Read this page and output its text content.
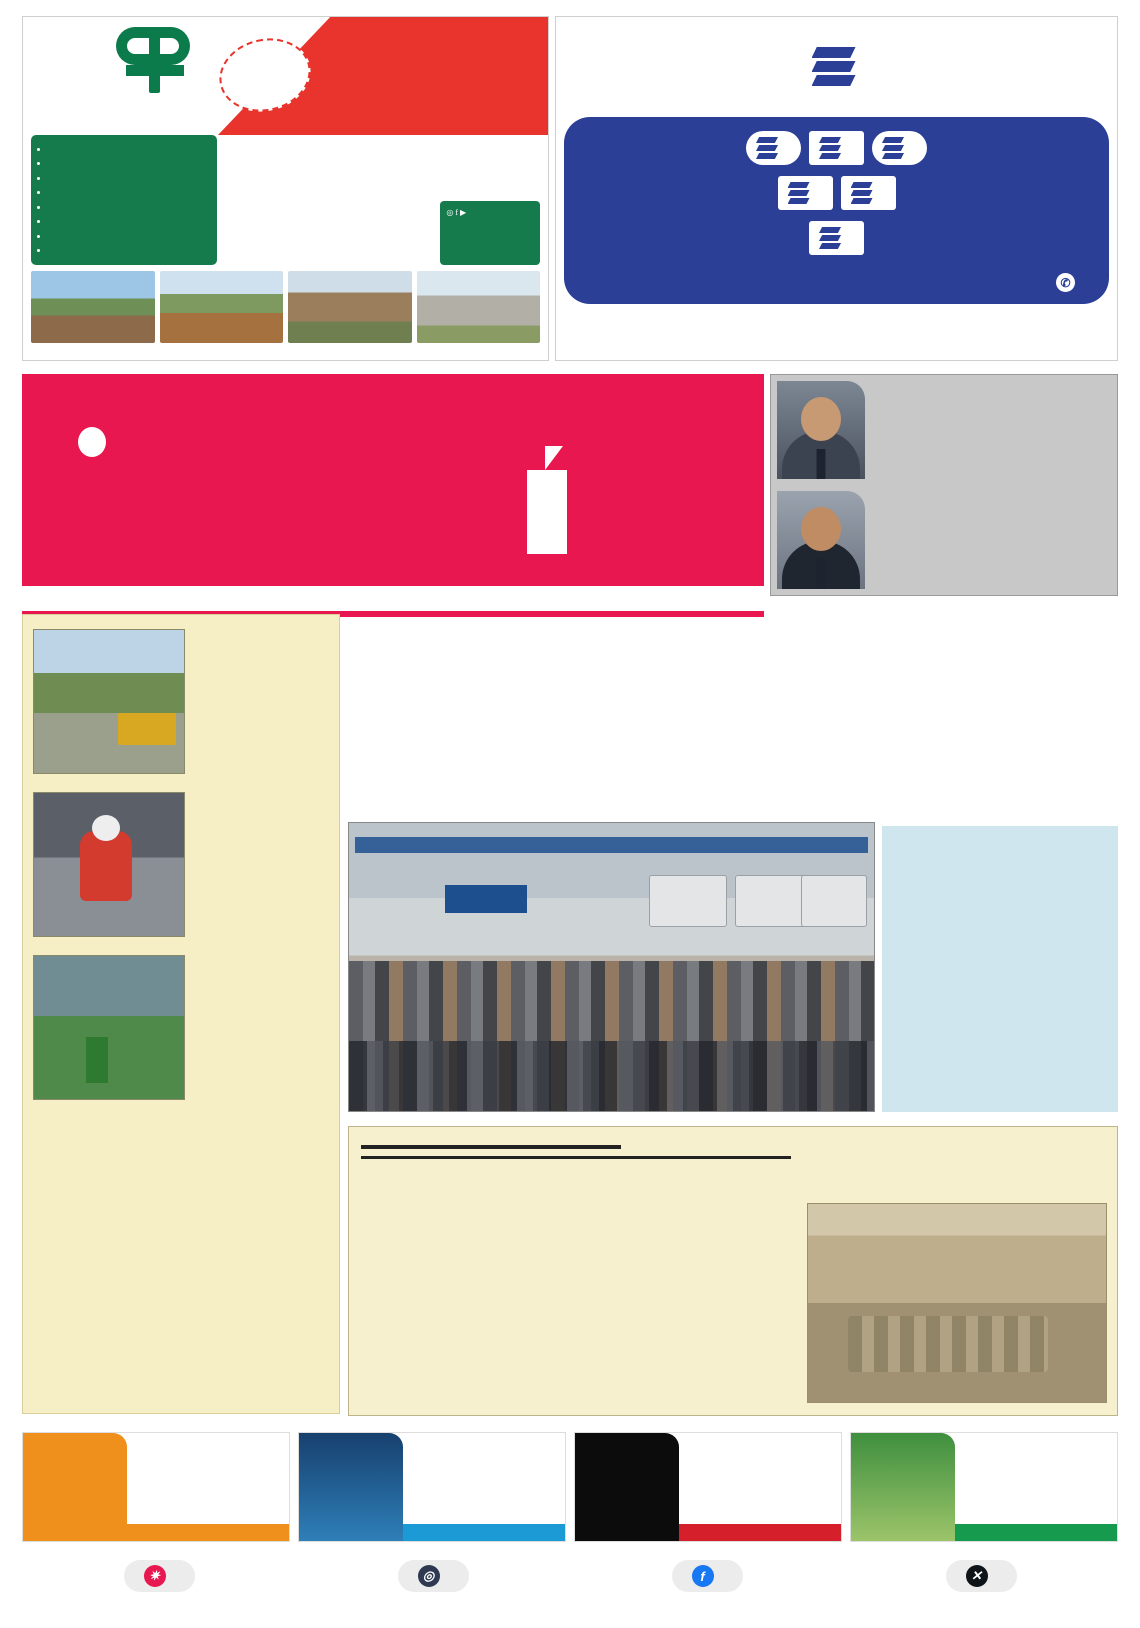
•
•
•
•
•
•
•
•

◎ f ▶

✆
✷	◎	f	✕
